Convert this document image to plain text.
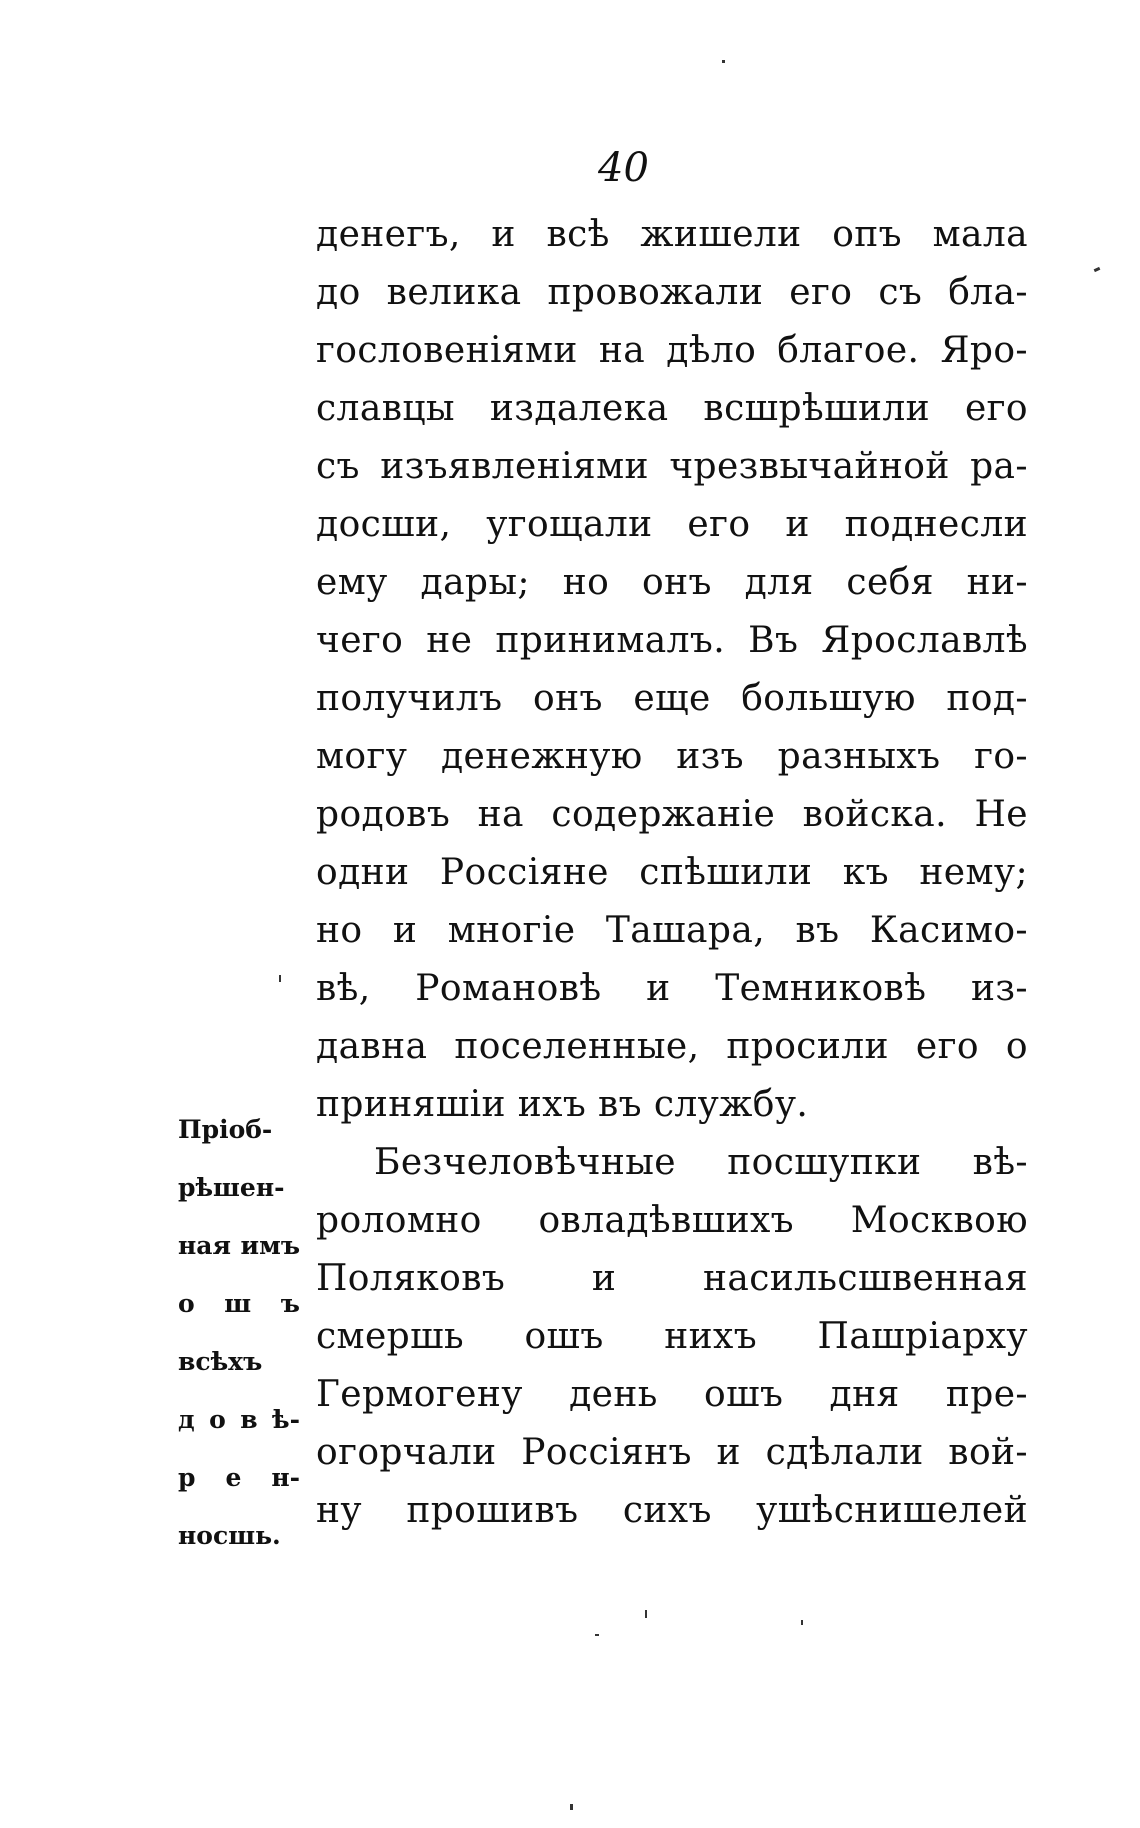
40
денегъ, и всѣ жишели опъ мала
до велика провожали его съ бла-
гословеніями на дѣло благое. Яро-
славцы издалека всшрѣшили его
съ изъявленіями чрезвычайной ра-
досши, угощали его и поднесли
ему дары; но онъ для себя ни-
чего не принималъ. Въ Ярославлѣ
получилъ онъ еще большую под-
могу денежную изъ разныхъ го-
родовъ на содержаніе войска. Не
одни Россіяне спѣшили къ нему;
но и многіе Ташара, въ Касимо-
вѣ, Романовѣ и Темниковѣ из-
давна поселенные, просили его о
приняшіи ихъ въ службу.
Безчеловѣчные посшупки вѣ-
роломно овладѣвшихъ Москвою
Поляковъ и насильсшвенная
смершь ошъ нихъ Пашріарху
Гермогену день ошъ дня пре-
огорчали Россіянъ и сдѣлали вой-
ну прошивъ сихъ ушѣснишелей
Пріоб-
рѣшен-
ная имъ
о ш ъ
всѣхъ
д о в ѣ-
р е н-
носшь.
